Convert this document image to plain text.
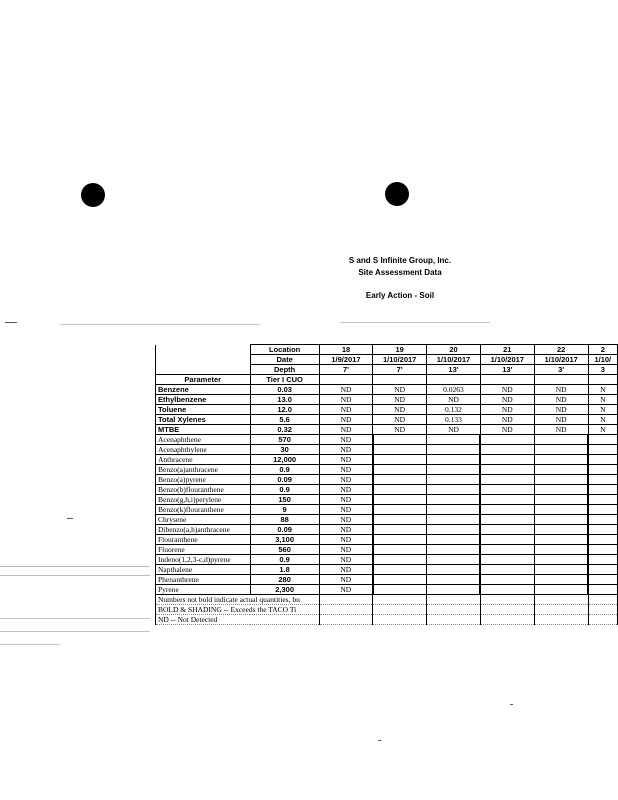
S and S Infinite Group, Inc.
Site Assessment Data
Early Action - Soil
	Location	18	19	20	21	22	2
	Date	1/9/2017	1/10/2017	1/10/2017	1/10/2017	1/10/2017	1/10/
	Depth	7'	7'	13'	13'	3'	3
Parameter	Tier I CUO						
Benzene	0.03	ND	ND	0.0263	ND	ND	N
Ethylbenzene	13.0	ND	ND	ND	ND	ND	N
Toluene	12.0	ND	ND	0.132	ND	ND	N
Total Xylenes	5.6	ND	ND	0.133	ND	ND	N
MTBE	0.32	ND	ND	ND	ND	ND	N
Acenaphthene	570	ND					
Acenaphthylene	30	ND					
Anthracene	12,000	ND					
Benzo(a)anthracene	0.9	ND					
Benzo(a)pyrene	0.09	ND					
Benzo(b)flouranthene	0.9	ND					
Benzo(g,h,i)perylene	150	ND					
Benzo(k)flouranthene	9	ND					
Chrysene	88	ND					
Dibenzo(a,h)anthracene	0.09	ND					
Flouranthene	3,100	ND					
Fluorene	560	ND					
Indeno(1,2,3-c,d)pyrene	0.9	ND					
Napthalene	1.8	ND					
Phenanthrene	280	ND					
Pyrene	2,300	ND					
Numbers not bold indicate actual quantities, bu							
BOLD & SHADING -- Exceeds the TACO Ti							
ND -- Not Detected							
